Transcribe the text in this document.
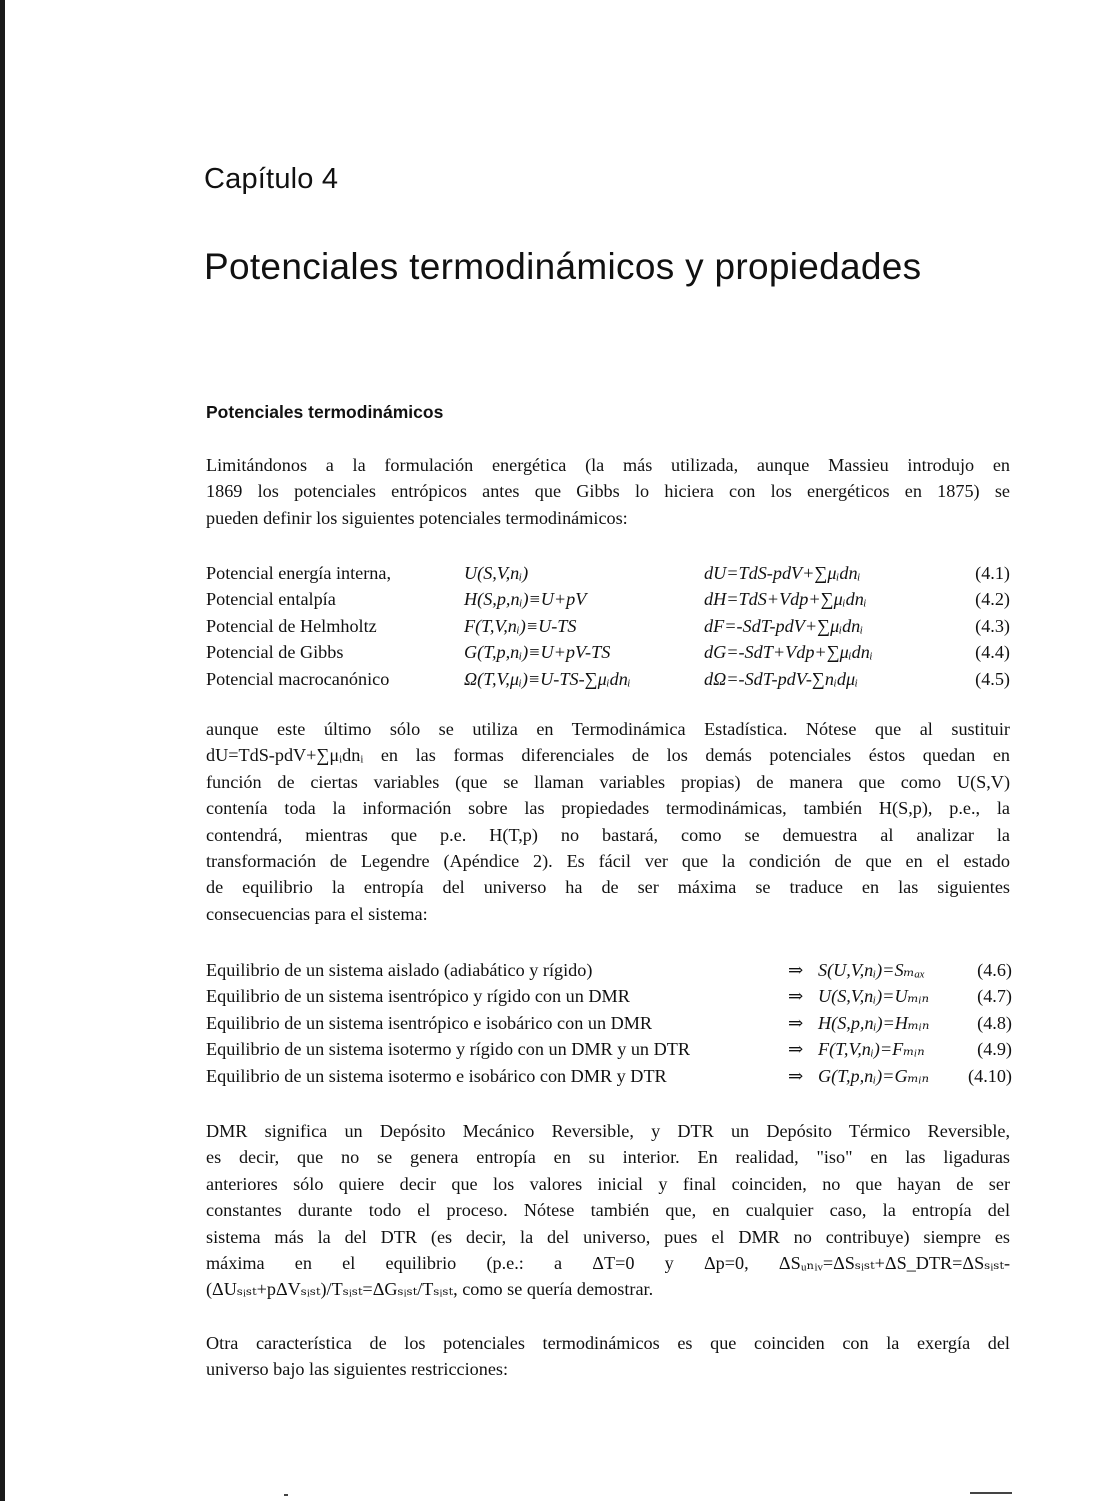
Capítulo 4
Potenciales termodinámicos y propiedades
Potenciales termodinámicos

Limitándonos a la formulación energética (la más utilizada, aunque Massieu introdujo en
1869 los potenciales entrópicos antes que Gibbs lo hiciera con los energéticos en 1875) se
pueden definir los siguientes potenciales termodinámicos:

Potencial energía interna,	U(S,V,nᵢ)	dU=TdS-pdV+∑μᵢdnᵢ	(4.1)
Potencial entalpía	H(S,p,nᵢ)≡U+pV	dH=TdS+Vdp+∑μᵢdnᵢ	(4.2)
Potencial de Helmholtz	F(T,V,nᵢ)≡U-TS	dF=-SdT-pdV+∑μᵢdnᵢ	(4.3)
Potencial de Gibbs	G(T,p,nᵢ)≡U+pV-TS	dG=-SdT+Vdp+∑μᵢdnᵢ	(4.4)
Potencial macrocanónico	Ω(T,V,μᵢ)≡U-TS-∑μᵢdnᵢ	dΩ=-SdT-pdV-∑nᵢdμᵢ	(4.5)

aunque este último sólo se utiliza en Termodinámica Estadística. Nótese que al sustituir
dU=TdS-pdV+∑μᵢdnᵢ en las formas diferenciales de los demás potenciales éstos quedan en
función de ciertas variables (que se llaman variables propias) de manera que como U(S,V)
contenía toda la información sobre las propiedades termodinámicas, también H(S,p), p.e., la
contendrá, mientras que p.e. H(T,p) no bastará, como se demuestra al analizar la
transformación de Legendre (Apéndice 2). Es fácil ver que la condición de que en el estado
de equilibrio la entropía del universo ha de ser máxima se traduce en las siguientes
consecuencias para el sistema:

Equilibrio de un sistema aislado (adiabático y rígido)	⇒ S(U,V,nᵢ)=Sₘₐₓ	(4.6)
Equilibrio de un sistema isentrópico y rígido con un DMR	⇒ U(S,V,nᵢ)=Uₘᵢₙ	(4.7)
Equilibrio de un sistema isentrópico e isobárico con un DMR	⇒ H(S,p,nᵢ)=Hₘᵢₙ	(4.8)
Equilibrio de un sistema isotermo y rígido con un DMR y un DTR	⇒ F(T,V,nᵢ)=Fₘᵢₙ	(4.9)
Equilibrio de un sistema isotermo e isobárico con DMR y DTR	⇒ G(T,p,nᵢ)=Gₘᵢₙ (4.10)

DMR significa un Depósito Mecánico Reversible, y DTR un Depósito Térmico Reversible,
es decir, que no se genera entropía en su interior. En realidad, "iso" en las ligaduras
anteriores sólo quiere decir que los valores inicial y final coinciden, no que hayan de ser
constantes durante todo el proceso. Nótese también que, en cualquier caso, la entropía del
sistema más la del DTR (es decir, la del universo, pues el DMR no contribuye) siempre es
máxima en el equilibrio (p.e.: a ΔT=0 y Δp=0, ΔSᵤₙᵢᵥ=ΔSₛᵢₛₜ+ΔS_DTR=ΔSₛᵢₛₜ-
(ΔUₛᵢₛₜ+pΔVₛᵢₛₜ)/Tₛᵢₛₜ=ΔGₛᵢₛₜ/Tₛᵢₛₜ, como se quería demostrar.

Otra característica de los potenciales termodinámicos es que coinciden con la exergía del
universo bajo las siguientes restricciones:
